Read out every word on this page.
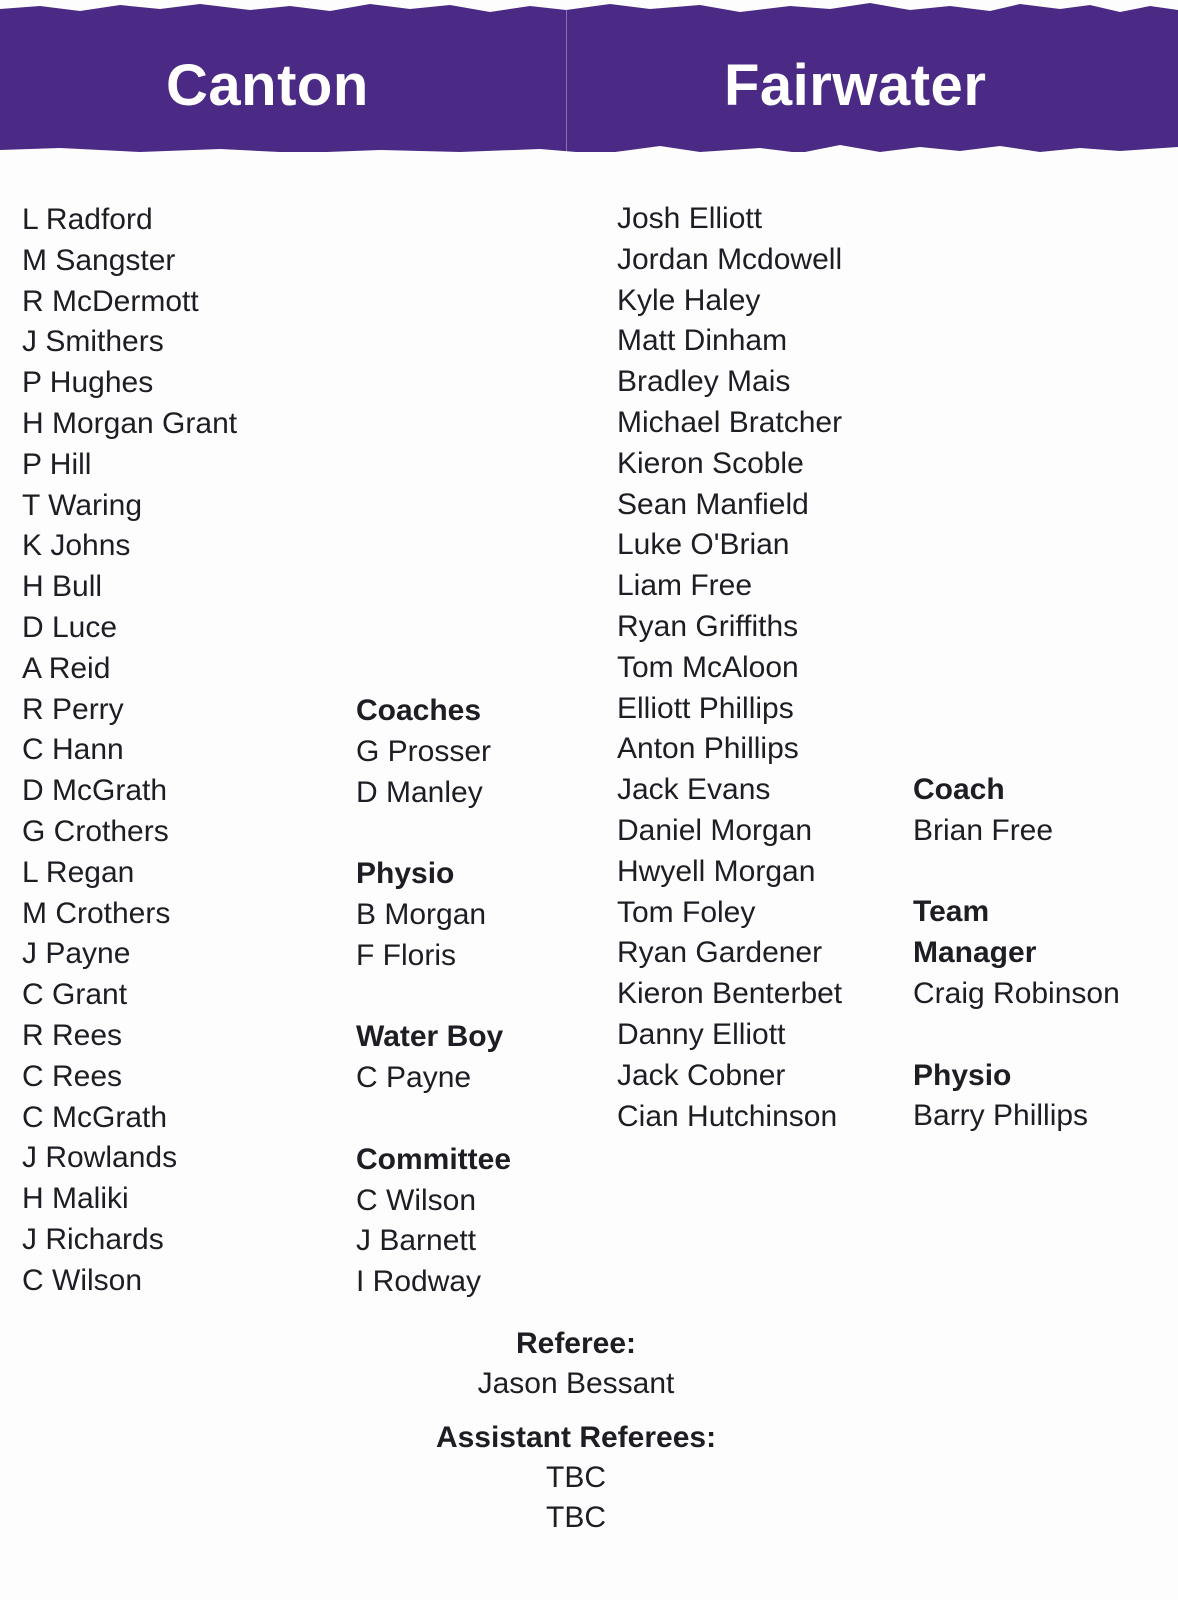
Canton	Fairwater
L Radford
M Sangster
R McDermott
J Smithers
P Hughes
H Morgan Grant
P Hill
T Waring
K Johns
H Bull
D Luce
A Reid
R Perry
C Hann
D McGrath
G Crothers
L Regan
M Crothers
J Payne
C Grant
R Rees
C Rees
C McGrath
J Rowlands
H Maliki
J Richards
C Wilson
Coaches
G Prosser
D Manley
Physio
B Morgan
F Floris
Water Boy
C Payne
Committee
C Wilson
J Barnett
I Rodway
Josh Elliott
Jordan Mcdowell
Kyle Haley
Matt Dinham
Bradley Mais
Michael Bratcher
Kieron Scoble
Sean Manfield
Luke O'Brian
Liam Free
Ryan Griffiths
Tom McAloon
Elliott Phillips
Anton Phillips
Jack Evans
Daniel Morgan
Hwyell Morgan
Tom Foley
Ryan Gardener
Kieron Benterbet
Danny Elliott
Jack Cobner
Cian Hutchinson
Coach
Brian Free
Team
Manager
Craig Robinson
Physio
Barry Phillips
Referee:
Jason Bessant
Assistant Referees:
TBC
TBC
